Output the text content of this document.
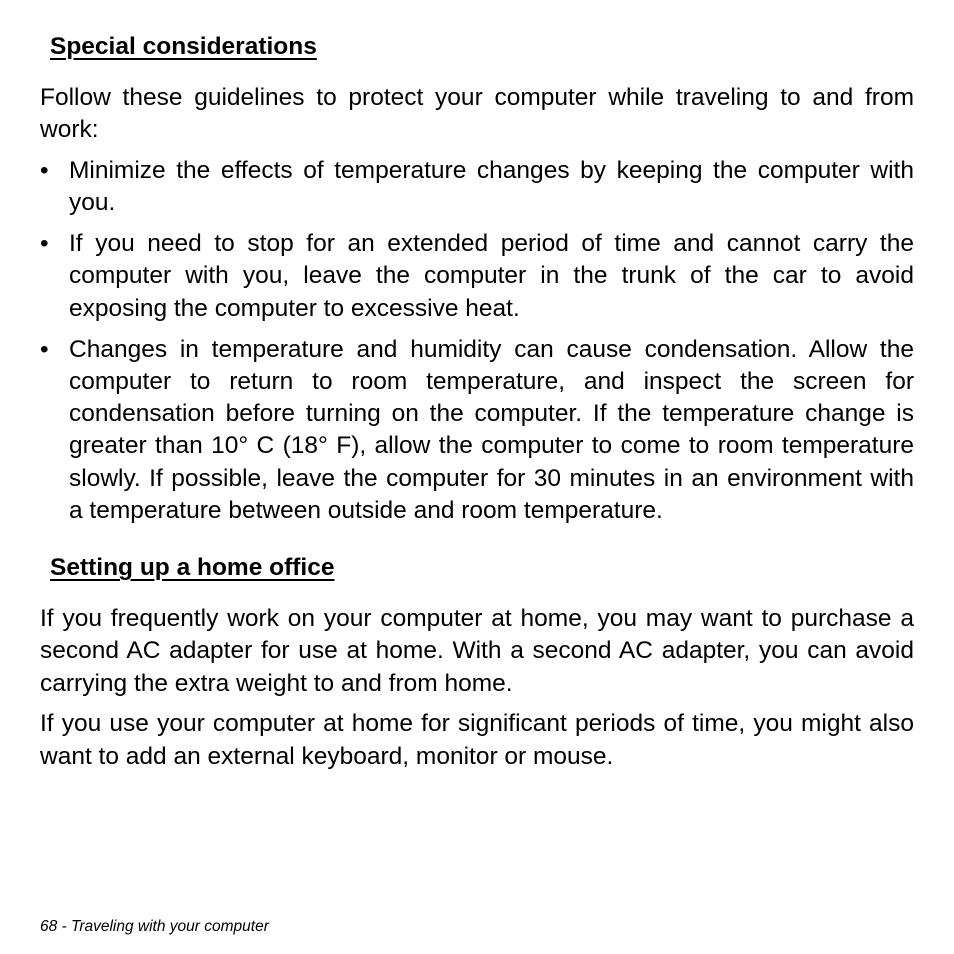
Special considerations

Follow these guidelines to protect your computer while traveling to and from work:

• Minimize the effects of temperature changes by keeping the computer with you.
• If you need to stop for an extended period of time and cannot carry the computer with you, leave the computer in the trunk of the car to avoid exposing the computer to excessive heat.
• Changes in temperature and humidity can cause condensation. Allow the computer to return to room temperature, and inspect the screen for condensation before turning on the computer. If the temperature change is greater than 10° C (18° F), allow the computer to come to room temperature slowly. If possible, leave the computer for 30 minutes in an environment with a temperature between outside and room temperature.
Setting up a home office

If you frequently work on your computer at home, you may want to purchase a second AC adapter for use at home. With a second AC adapter, you can avoid carrying the extra weight to and from home.

If you use your computer at home for significant periods of time, you might also want to add an external keyboard, monitor or mouse.

68 - Traveling with your computer
